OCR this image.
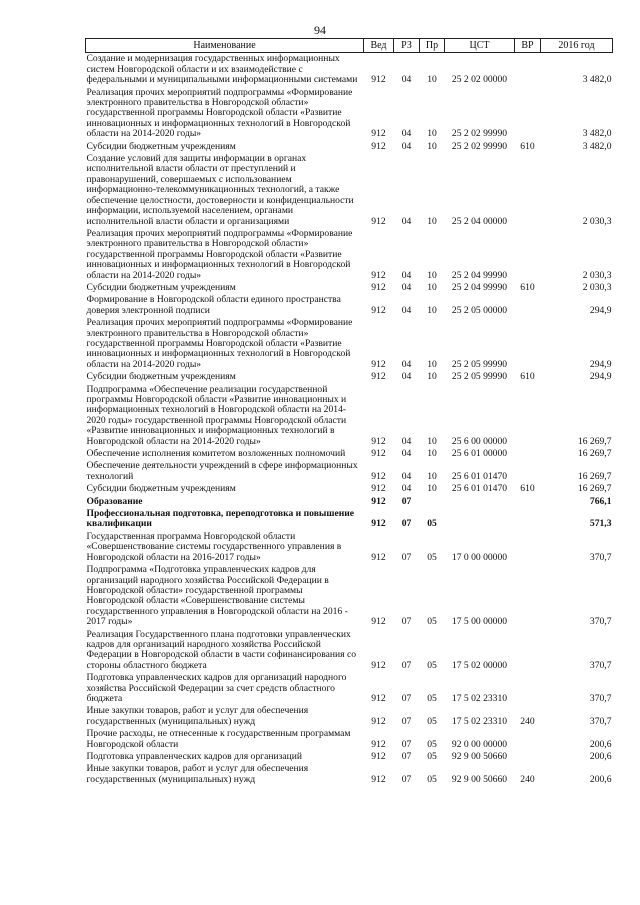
94
Наименование	Вед	РЗ	Пр	ЦСТ	ВР	2016 год
Создание и модернизация государственных информационных систем Новгородской области и их взаимодействие с федеральными и муниципальными информационными системами	912	04	10	25 2 02 00000		3 482,0
Реализация прочих мероприятий подпрограммы «Формирование электронного правительства в Новгородской области» государственной программы Новгородской области «Развитие инновационных и информационных технологий в Новгородской области на 2014-2020 годы»	912	04	10	25 2 02 99990		3 482,0
Субсидии бюджетным учреждениям	912	04	10	25 2 02 99990	610	3 482,0
Создание условий для защиты информации в органах исполнительной власти области от преступлений и правонарушений, совершаемых с использованием информационно-телекоммуникационных технологий, а также обеспечение целостности, достоверности и конфиденциальности информации, используемой населением, органами исполнительной власти области и организациями	912	04	10	25 2 04 00000		2 030,3
Реализация прочих мероприятий подпрограммы «Формирование электронного правительства в Новгородской области» государственной программы Новгородской области «Развитие инновационных и информационных технологий в Новгородской области на 2014-2020 годы»	912	04	10	25 2 04 99990		2 030,3
Субсидии бюджетным учреждениям	912	04	10	25 2 04 99990	610	2 030,3
Формирование в Новгородской области единого пространства доверия электронной подписи	912	04	10	25 2 05 00000		294,9
Реализация прочих мероприятий подпрограммы «Формирование электронного правительства в Новгородской области» государственной программы Новгородской области «Развитие инновационных и информационных технологий в Новгородской области на 2014-2020 годы»	912	04	10	25 2 05 99990		294,9
Субсидии бюджетным учреждениям	912	04	10	25 2 05 99990	610	294,9
Подпрограмма «Обеспечение реализации государственной программы Новгородской области «Развитие инновационных и информационных технологий в Новгородской области на 2014-2020 годы» государственной программы Новгородской области «Развитие инновационных и информационных технологий в Новгородской области на 2014-2020 годы»	912	04	10	25 6 00 00000		16 269,7
Обеспечение исполнения комитетом возложенных полномочий	912	04	10	25 6 01 00000		16 269,7
Обеспечение деятельности учреждений в сфере информационных технологий	912	04	10	25 6 01 01470		16 269,7
Субсидии бюджетным учреждениям	912	04	10	25 6 01 01470	610	16 269,7
Образование	912	07				766,1
Профессиональная подготовка, переподготовка и повышение квалификации	912	07	05			571,3
Государственная программа Новгородской области «Совершенствование системы государственного управления в Новгородской области на 2016-2017 годы»	912	07	05	17 0 00 00000		370,7
Подпрограмма «Подготовка управленческих кадров для организаций народного хозяйства Российской Федерации в Новгородской области» государственной программы Новгородской области «Совершенствование системы государственного управления в Новгородской области на 2016 - 2017 годы»	912	07	05	17 5 00 00000		370,7
Реализация Государственного плана подготовки управленческих кадров для организаций народного хозяйства Российской Федерации в Новгородской области в части софинансирования со стороны областного бюджета	912	07	05	17 5 02 00000		370,7
Подготовка управленческих кадров для организаций народного хозяйства Российской Федерации за счет средств областного бюджета	912	07	05	17 5 02 23310		370,7
Иные закупки товаров, работ и услуг для обеспечения государственных (муниципальных) нужд	912	07	05	17 5 02 23310	240	370,7
Прочие расходы, не отнесенные к государственным программам Новгородской области	912	07	05	92 0 00 00000		200,6
Подготовка управленческих кадров для организаций	912	07	05	92 9 00 50660		200,6
Иные закупки товаров, работ и услуг для обеспечения государственных (муниципальных) нужд	912	07	05	92 9 00 50660	240	200,6
